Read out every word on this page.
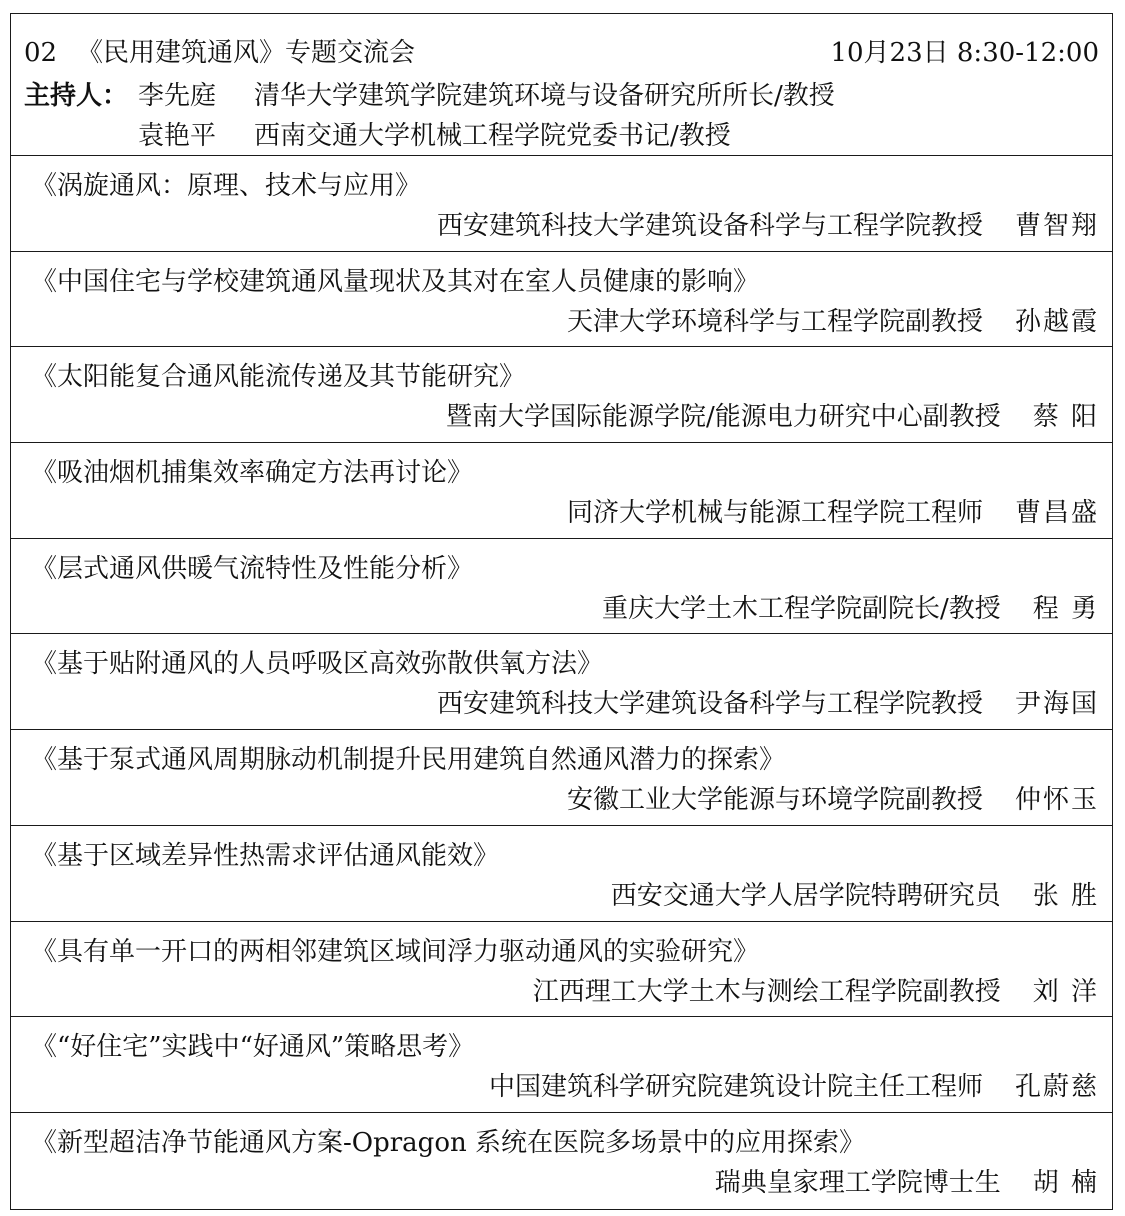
02 《民用建筑通风》专题交流会	10月23日 8:30-12:00
主持人： 李先庭 清华大学建筑学院建筑环境与设备研究所所长/教授
袁艳平 西南交通大学机械工程学院党委书记/教授
《涡旋通风：原理、技术与应用》
西安建筑科技大学建筑设备科学与工程学院教授 曹智翔
《中国住宅与学校建筑通风量现状及其对在室人员健康的影响》
天津大学环境科学与工程学院副教授 孙越霞
《太阳能复合通风能流传递及其节能研究》
暨南大学国际能源学院/能源电力研究中心副教授 蔡 阳
《吸油烟机捕集效率确定方法再讨论》
同济大学机械与能源工程学院工程师 曹昌盛
《层式通风供暖气流特性及性能分析》
重庆大学土木工程学院副院长/教授 程 勇
《基于贴附通风的人员呼吸区高效弥散供氧方法》
西安建筑科技大学建筑设备科学与工程学院教授 尹海国
《基于泵式通风周期脉动机制提升民用建筑自然通风潜力的探索》
安徽工业大学能源与环境学院副教授 仲怀玉
《基于区域差异性热需求评估通风能效》
西安交通大学人居学院特聘研究员 张 胜
《具有单一开口的两相邻建筑区域间浮力驱动通风的实验研究》
江西理工大学土木与测绘工程学院副教授 刘 洋
《“好住宅”实践中“好通风”策略思考》
中国建筑科学研究院建筑设计院主任工程师 孔蔚慈
《新型超洁净节能通风方案-Opragon 系统在医院多场景中的应用探索》
瑞典皇家理工学院博士生 胡 楠
